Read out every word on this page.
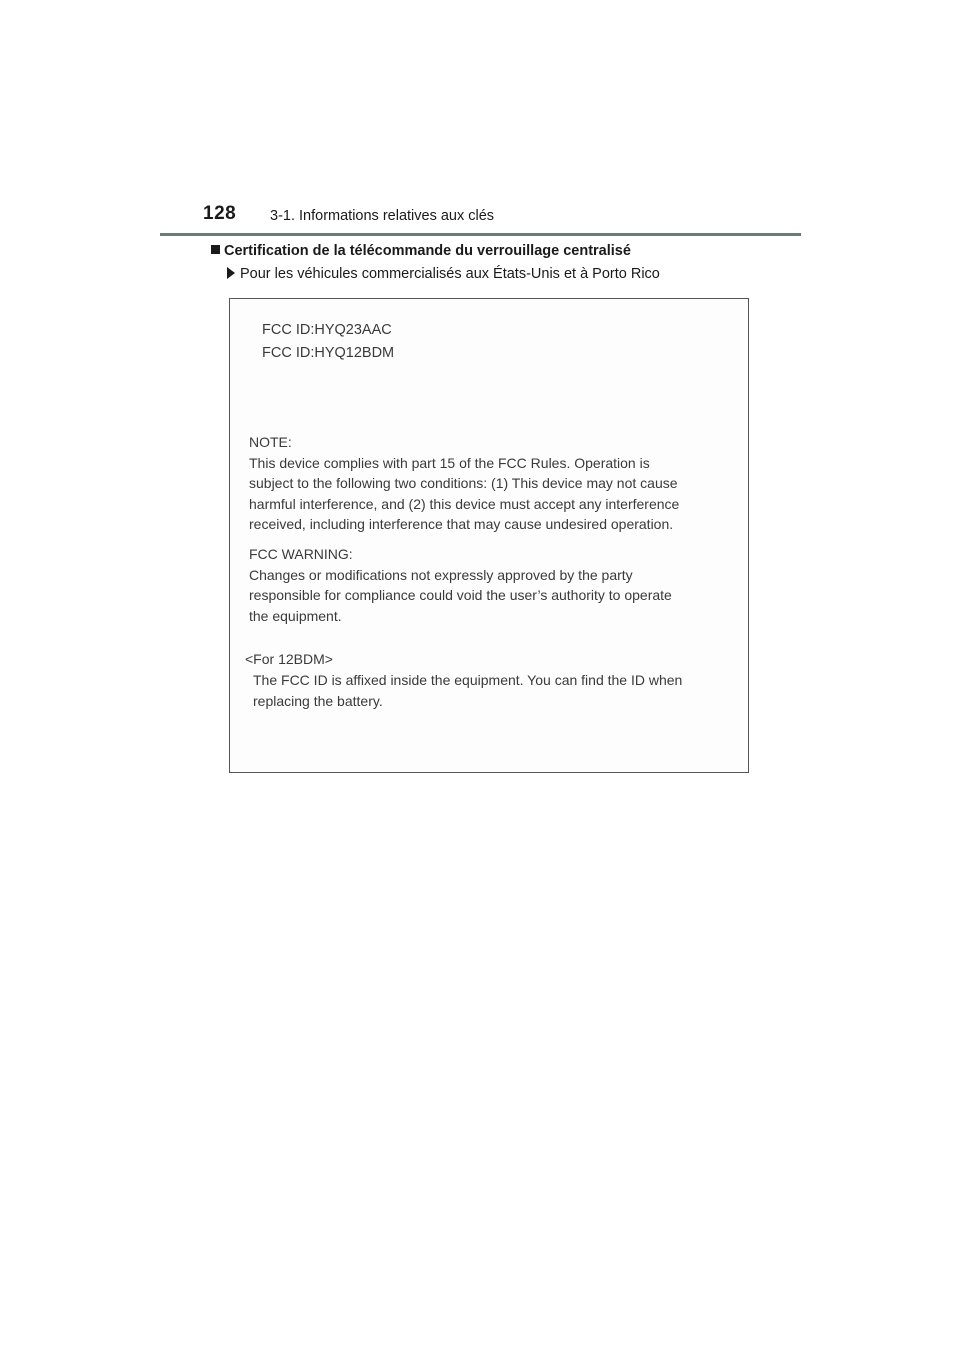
128 3-1. Informations relatives aux clés
Certification de la télécommande du verrouillage centralisé
Pour les véhicules commercialisés aux États-Unis et à Porto Rico
FCC ID:HYQ23AAC
FCC ID:HYQ12BDM
NOTE:
This device complies with part 15 of the FCC Rules. Operation is
subject to the following two conditions: (1) This device may not cause
harmful interference, and (2) this device must accept any interference
received, including interference that may cause undesired operation.
FCC WARNING:
Changes or modifications not expressly approved by the party
responsible for compliance could void the user’s authority to operate
the equipment.
<For 12BDM>
The FCC ID is affixed inside the equipment. You can find the ID when
replacing the battery.
